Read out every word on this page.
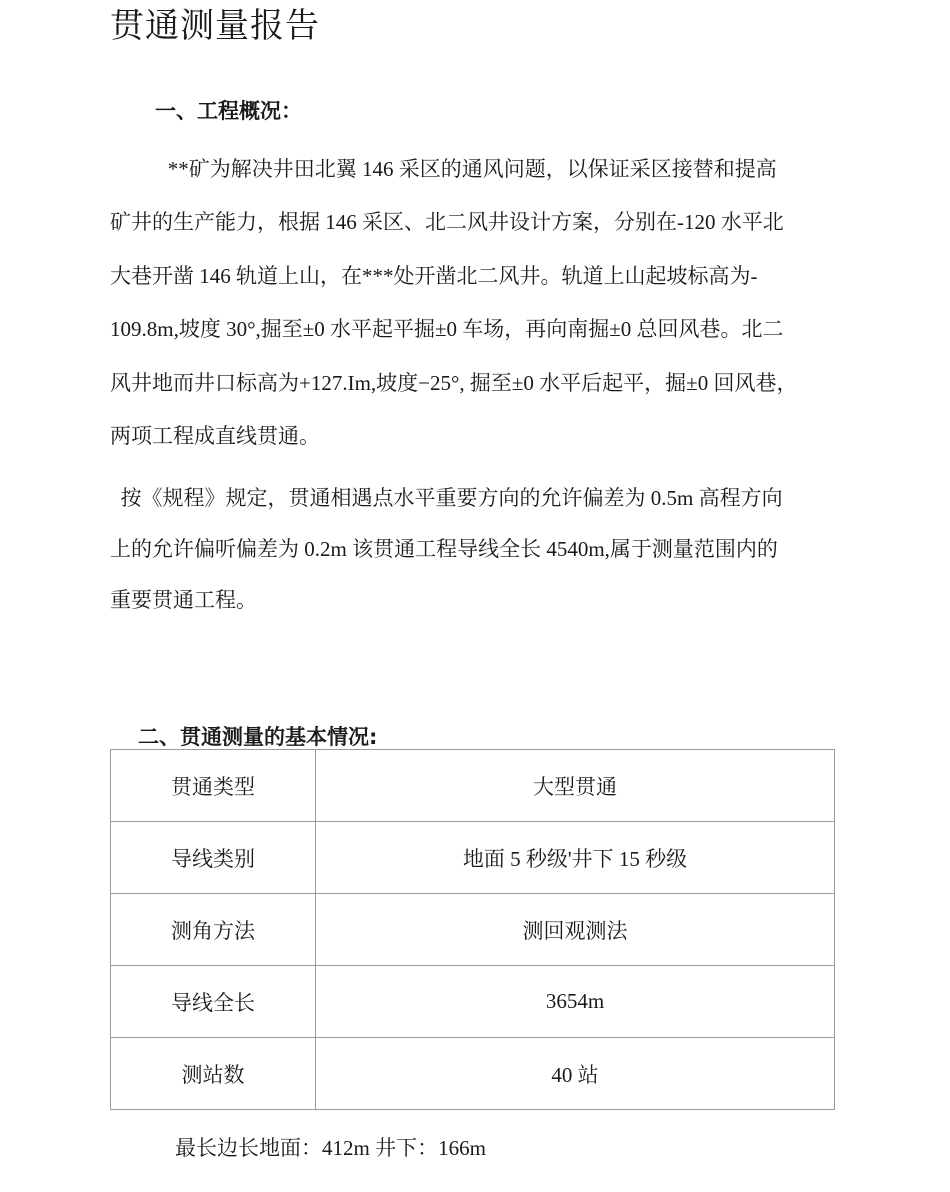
贯通测量报告
一、工程概况：

**矿为解决井田北翼 146 采区的通风问题，以保证采区接替和提高
矿井的生产能力，根据 146 采区、北二风井设计方案，分别在-120 水平北
大巷开凿 146 轨道上山，在***处开凿北二风井。轨道上山起坡标高为-
109.8m,坡度 30°,掘至±0 水平起平掘±0 车场，再向南掘±0 总回风巷。北二
风井地而井口标高为+127.Im,坡度−25°, 掘至±0 水平后起平，掘±0 回风巷，
两项工程成直线贯通。

按《规程》规定，贯通相遇点水平重要方向的允许偏差为 0.5m 高程方向
上的允许偏听偏差为 0.2m 该贯通工程导线全长 4540m,属于测量范围内的
重要贯通工程。

二、贯通测量的基本情况:
贯通类型	大型贯通
导线类别	地面 5 秒级'井下 15 秒级
测角方法	测回观测法
导线全长	3654m
测站数	40 站

最长边长地面：412m 井下：166m
